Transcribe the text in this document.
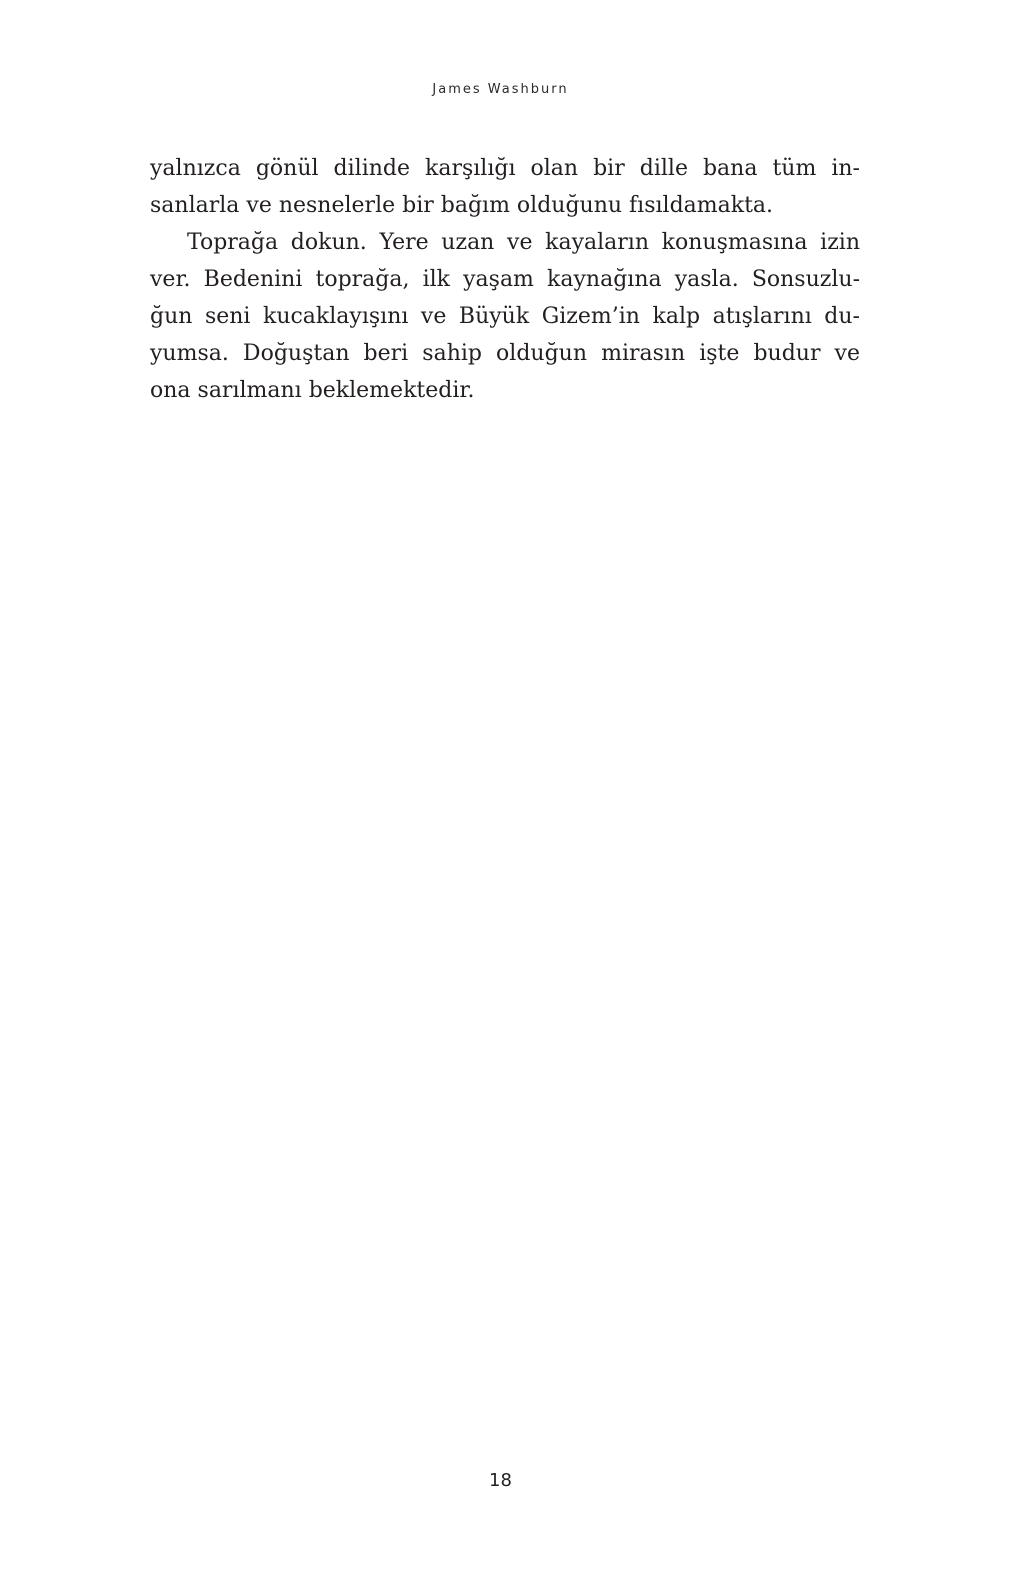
James Washburn
yalnızca gönül dilinde karşılığı olan bir dille bana tüm in-
sanlarla ve nesnelerle bir bağım olduğunu fısıldamakta.
Toprağa dokun. Yere uzan ve kayaların konuşmasına izin
ver. Bedenini toprağa, ilk yaşam kaynağına yasla. Sonsuzlu-
ğun seni kucaklayışını ve Büyük Gizem’in kalp atışlarını du-
yumsa. Doğuştan beri sahip olduğun mirasın işte budur ve
ona sarılmanı beklemektedir.
18
